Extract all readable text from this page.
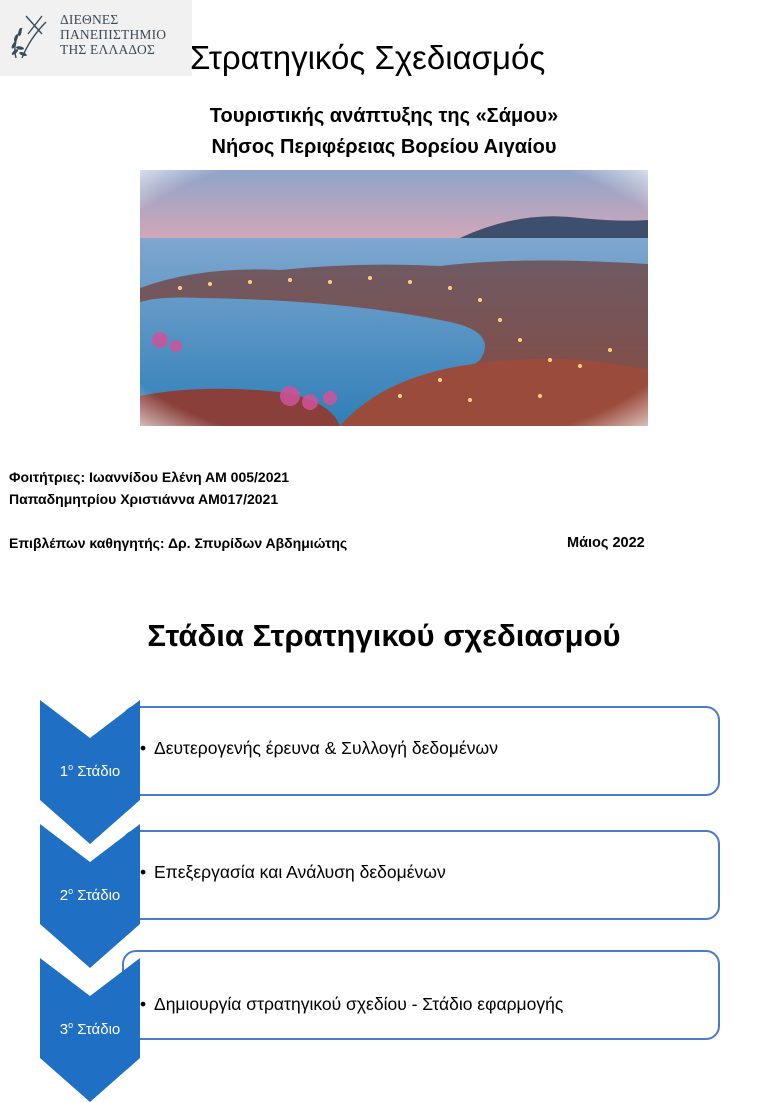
ΔΙΕΘΝΕΣ
ΠΑΝΕΠΙΣΤΗΜΙΟ
ΤΗΣ ΕΛΛΑΔΟΣ	Στρατηγικός Σχεδιασμός
Τουριστικής ανάπτυξης της «Σάμου»
Νήσος Περιφέρειας Βορείου Αιγαίου
Φοιτήτριες: Ιωαννίδου Ελένη ΑΜ 005/2021
Παπαδημητρίου Χριστιάννα ΑΜ017/2021
Επιβλέπων καθηγητής: Δρ. Σπυρίδων Αβδημιώτης	Μάιος 2022
Στάδια Στρατηγικού σχεδιασμού
• Δευτερογενής έρευνα & Συλλογή δεδομένων
$1^o$ Στάδιο
• Επεξεργασία και Ανάλυση δεδομένων
$2^o$ Στάδιο
• Δημιουργία στρατηγικού σχεδίου - Στάδιο εφαρμογής
$3^o$ Στάδιο
